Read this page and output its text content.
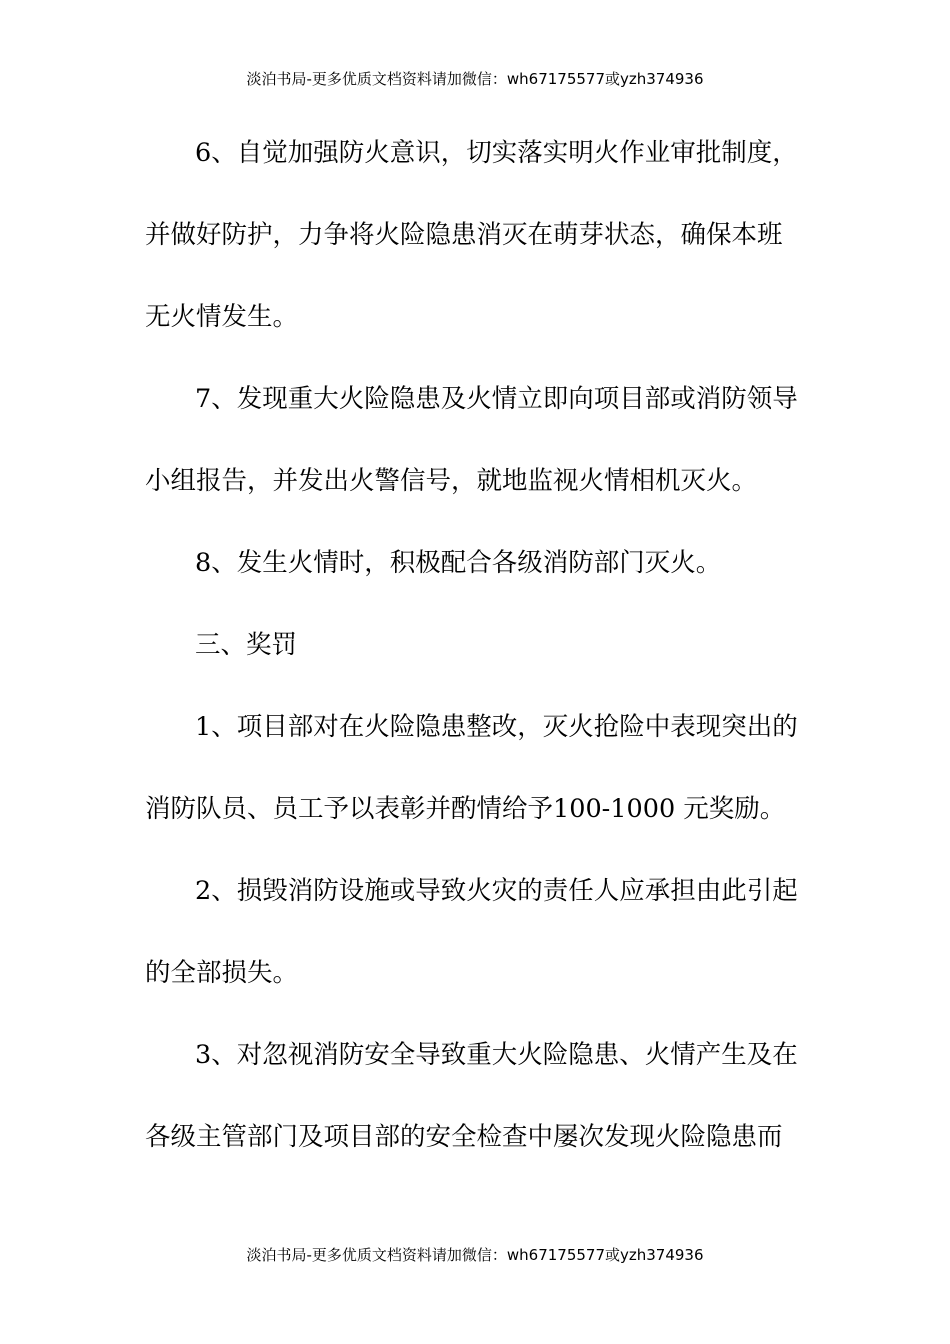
淡泊书局-更多优质文档资料请加微信：wh67175577或yzh374936
6、自觉加强防火意识，切实落实明火作业审批制度，
并做好防护，力争将火险隐患消灭在萌芽状态，确保本班
无火情发生。
7、发现重大火险隐患及火情立即向项目部或消防领导
小组报告，并发出火警信号，就地监视火情相机灭火。
8、发生火情时，积极配合各级消防部门灭火。
三、奖罚
1、项目部对在火险隐患整改，灭火抢险中表现突出的
消防队员、员工予以表彰并酌情给予100-1000 元奖励。
2、损毁消防设施或导致火灾的责任人应承担由此引起
的全部损失。
3、对忽视消防安全导致重大火险隐患、火情产生及在
各级主管部门及项目部的安全检查中屡次发现火险隐患而
淡泊书局-更多优质文档资料请加微信：wh67175577或yzh374936
